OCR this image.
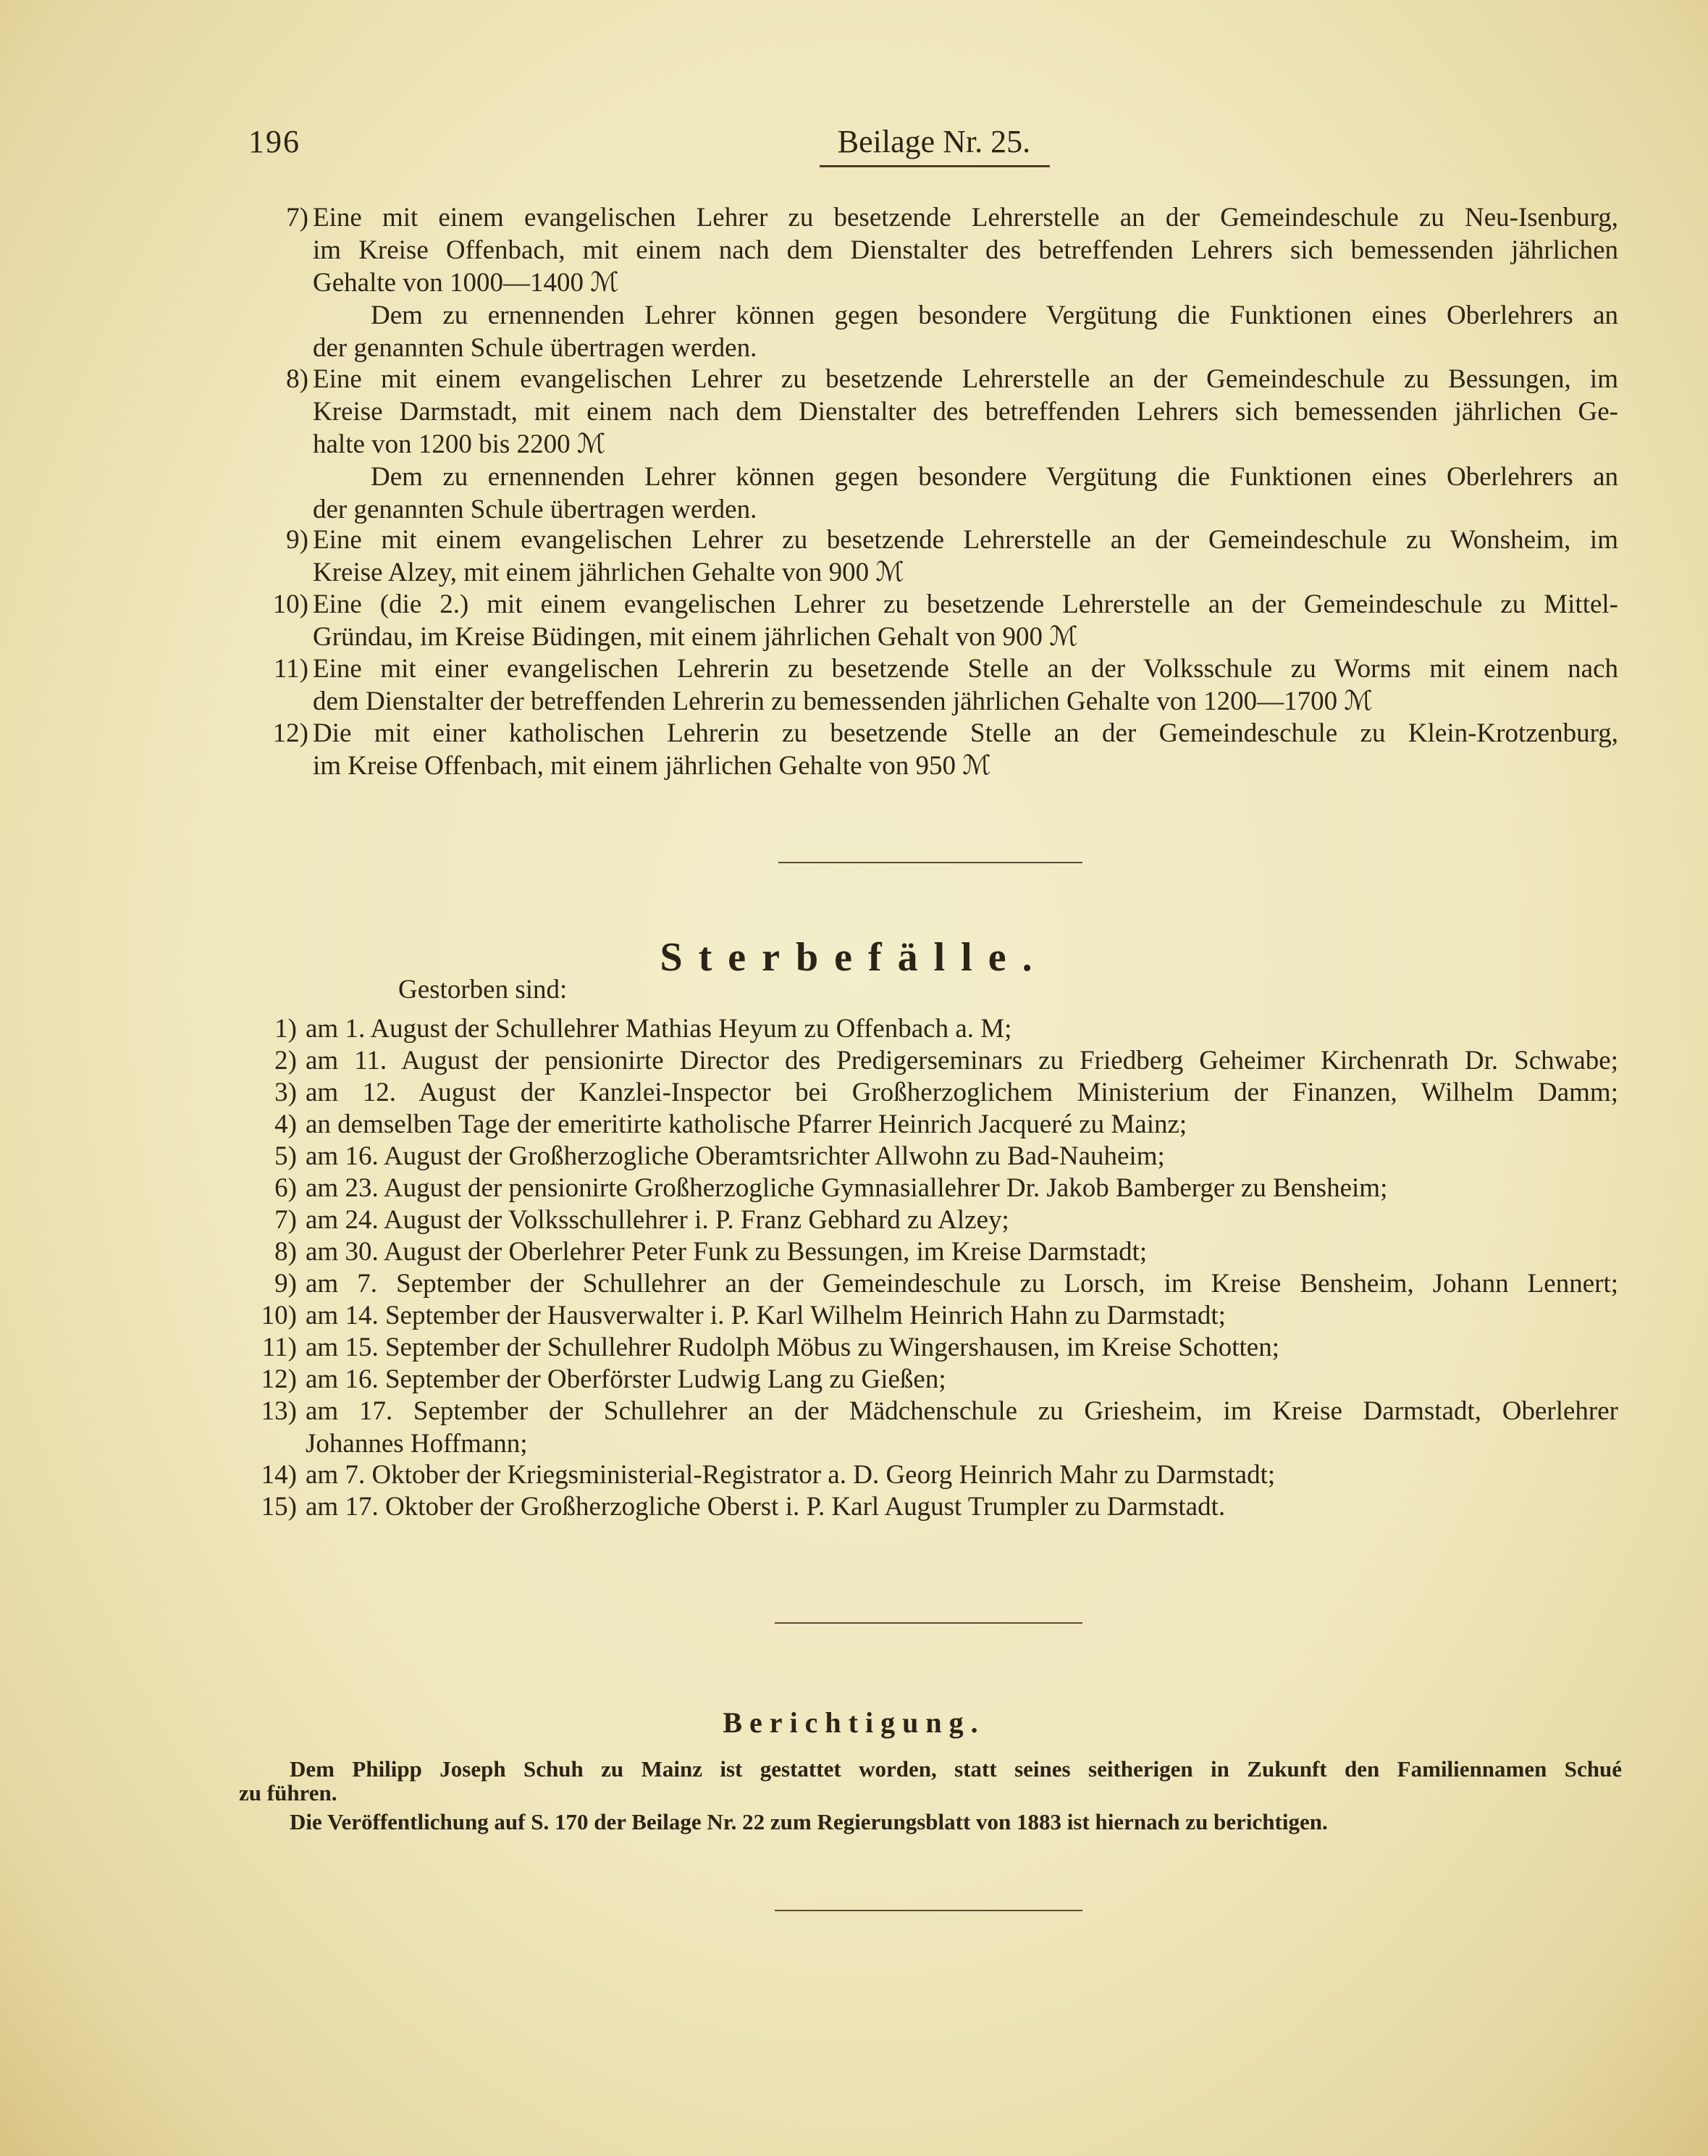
196	Beilage Nr. 25.
7) Eine mit einem evangelischen Lehrer zu besetzende Lehrerstelle an der Gemeindeschule zu Neu-Isenburg,
im Kreise Offenbach, mit einem nach dem Dienstalter des betreffenden Lehrers sich bemessenden jährlichen
Gehalte von 1000—1400 ℳ
Dem zu ernennenden Lehrer können gegen besondere Vergütung die Funktionen eines Oberlehrers an
der genannten Schule übertragen werden.
8) Eine mit einem evangelischen Lehrer zu besetzende Lehrerstelle an der Gemeindeschule zu Bessungen, im
Kreise Darmstadt, mit einem nach dem Dienstalter des betreffenden Lehrers sich bemessenden jährlichen Ge-
halte von 1200 bis 2200 ℳ
Dem zu ernennenden Lehrer können gegen besondere Vergütung die Funktionen eines Oberlehrers an
der genannten Schule übertragen werden.
9) Eine mit einem evangelischen Lehrer zu besetzende Lehrerstelle an der Gemeindeschule zu Wonsheim, im
Kreise Alzey, mit einem jährlichen Gehalte von 900 ℳ
10) Eine (die 2.) mit einem evangelischen Lehrer zu besetzende Lehrerstelle an der Gemeindeschule zu Mittel-
Gründau, im Kreise Büdingen, mit einem jährlichen Gehalt von 900 ℳ
11) Eine mit einer evangelischen Lehrerin zu besetzende Stelle an der Volksschule zu Worms mit einem nach
dem Dienstalter der betreffenden Lehrerin zu bemessenden jährlichen Gehalte von 1200—1700 ℳ
12) Die mit einer katholischen Lehrerin zu besetzende Stelle an der Gemeindeschule zu Klein-Krotzenburg,
im Kreise Offenbach, mit einem jährlichen Gehalte von 950 ℳ
Sterbefälle.
Gestorben sind:
1) am 1. August der Schullehrer Mathias Heyum zu Offenbach a. M;
2) am 11. August der pensionirte Director des Predigerseminars zu Friedberg Geheimer Kirchenrath Dr. Schwabe;
3) am 12. August der Kanzlei-Inspector bei Großherzoglichem Ministerium der Finanzen, Wilhelm Damm;
4) an demselben Tage der emeritirte katholische Pfarrer Heinrich Jacqueré zu Mainz;
5) am 16. August der Großherzogliche Oberamtsrichter Allwohn zu Bad-Nauheim;
6) am 23. August der pensionirte Großherzogliche Gymnasiallehrer Dr. Jakob Bamberger zu Bensheim;
7) am 24. August der Volksschullehrer i. P. Franz Gebhard zu Alzey;
8) am 30. August der Oberlehrer Peter Funk zu Bessungen, im Kreise Darmstadt;
9) am 7. September der Schullehrer an der Gemeindeschule zu Lorsch, im Kreise Bensheim, Johann Lennert;
10) am 14. September der Hausverwalter i. P. Karl Wilhelm Heinrich Hahn zu Darmstadt;
11) am 15. September der Schullehrer Rudolph Möbus zu Wingershausen, im Kreise Schotten;
12) am 16. September der Oberförster Ludwig Lang zu Gießen;
13) am 17. September der Schullehrer an der Mädchenschule zu Griesheim, im Kreise Darmstadt, Oberlehrer
Johannes Hoffmann;
14) am 7. Oktober der Kriegsministerial-Registrator a. D. Georg Heinrich Mahr zu Darmstadt;
15) am 17. Oktober der Großherzogliche Oberst i. P. Karl August Trumpler zu Darmstadt.
Berichtigung.
Dem Philipp Joseph Schuh zu Mainz ist gestattet worden, statt seines seitherigen in Zukunft den Familiennamen Schué
zu führen.
Die Veröffentlichung auf S. 170 der Beilage Nr. 22 zum Regierungsblatt von 1883 ist hiernach zu berichtigen.
